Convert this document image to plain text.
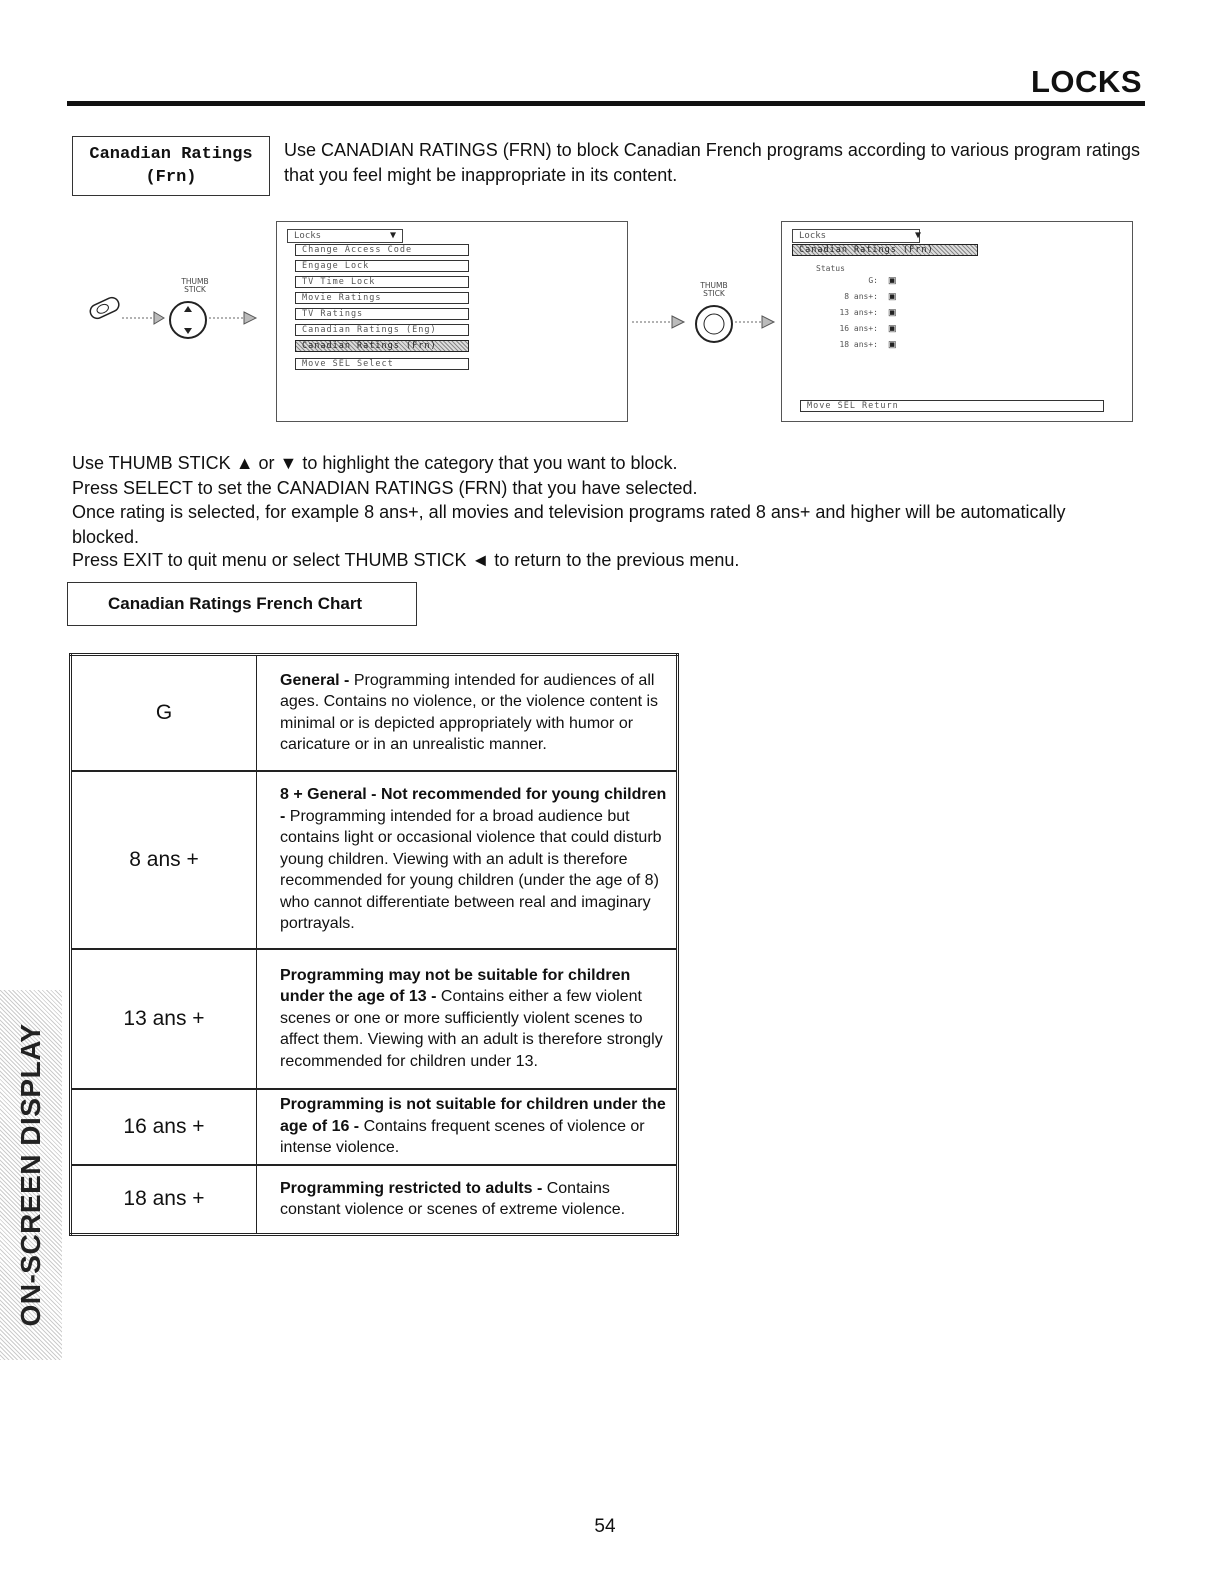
LOCKS
Canadian Ratings
(Frn)
Use CANADIAN RATINGS (FRN) to block Canadian French programs according to various program ratings that you feel might be inappropriate in its content.
THUMB
STICK
Locks	▼
Change Access Code
Engage Lock
TV Time Lock
Movie Ratings
TV Ratings
Canadian Ratings (Eng)
Canadian Ratings (Frn)
Move SEL Select
THUMB
STICK
Locks	▼
Canadian Ratings (Frn)
Status
G:
8 ans+:
13 ans+:
16 ans+:
18 ans+:
▣
▣
▣
▣
▣
Move SEL Return
Use THUMB STICK ▲ or ▼ to highlight the category that you want to block.
Press SELECT to set the CANADIAN RATINGS (FRN) that you have selected.
Once rating is selected, for example 8 ans+, all movies and television programs rated 8 ans+ and higher will be automatically blocked.
Press EXIT to quit menu or select THUMB STICK ◄ to return to the previous menu.
Canadian Ratings French Chart
G	General - Programming intended for audiences of all ages. Contains no violence, or the violence content is minimal or is depicted appropriately with humor or caricature or in an unrealistic manner.
8 ans +	8 + General - Not recommended for young children - Programming intended for a broad audience but contains light or occasional violence that could disturb young children. Viewing with an adult is therefore recommended for young children (under the age of 8) who cannot differentiate between real and imaginary portrayals.
13 ans +	Programming may not be suitable for children under the age of 13 - Contains either a few violent scenes or one or more sufficiently violent scenes to affect them. Viewing with an adult is therefore strongly recommended for children under 13.
16 ans +	Programming is not suitable for children under the age of 16 - Contains frequent scenes of violence or intense violence.
18 ans +	Programming restricted to adults - Contains constant violence or scenes of extreme violence.
ON-SCREEN DISPLAY
54
